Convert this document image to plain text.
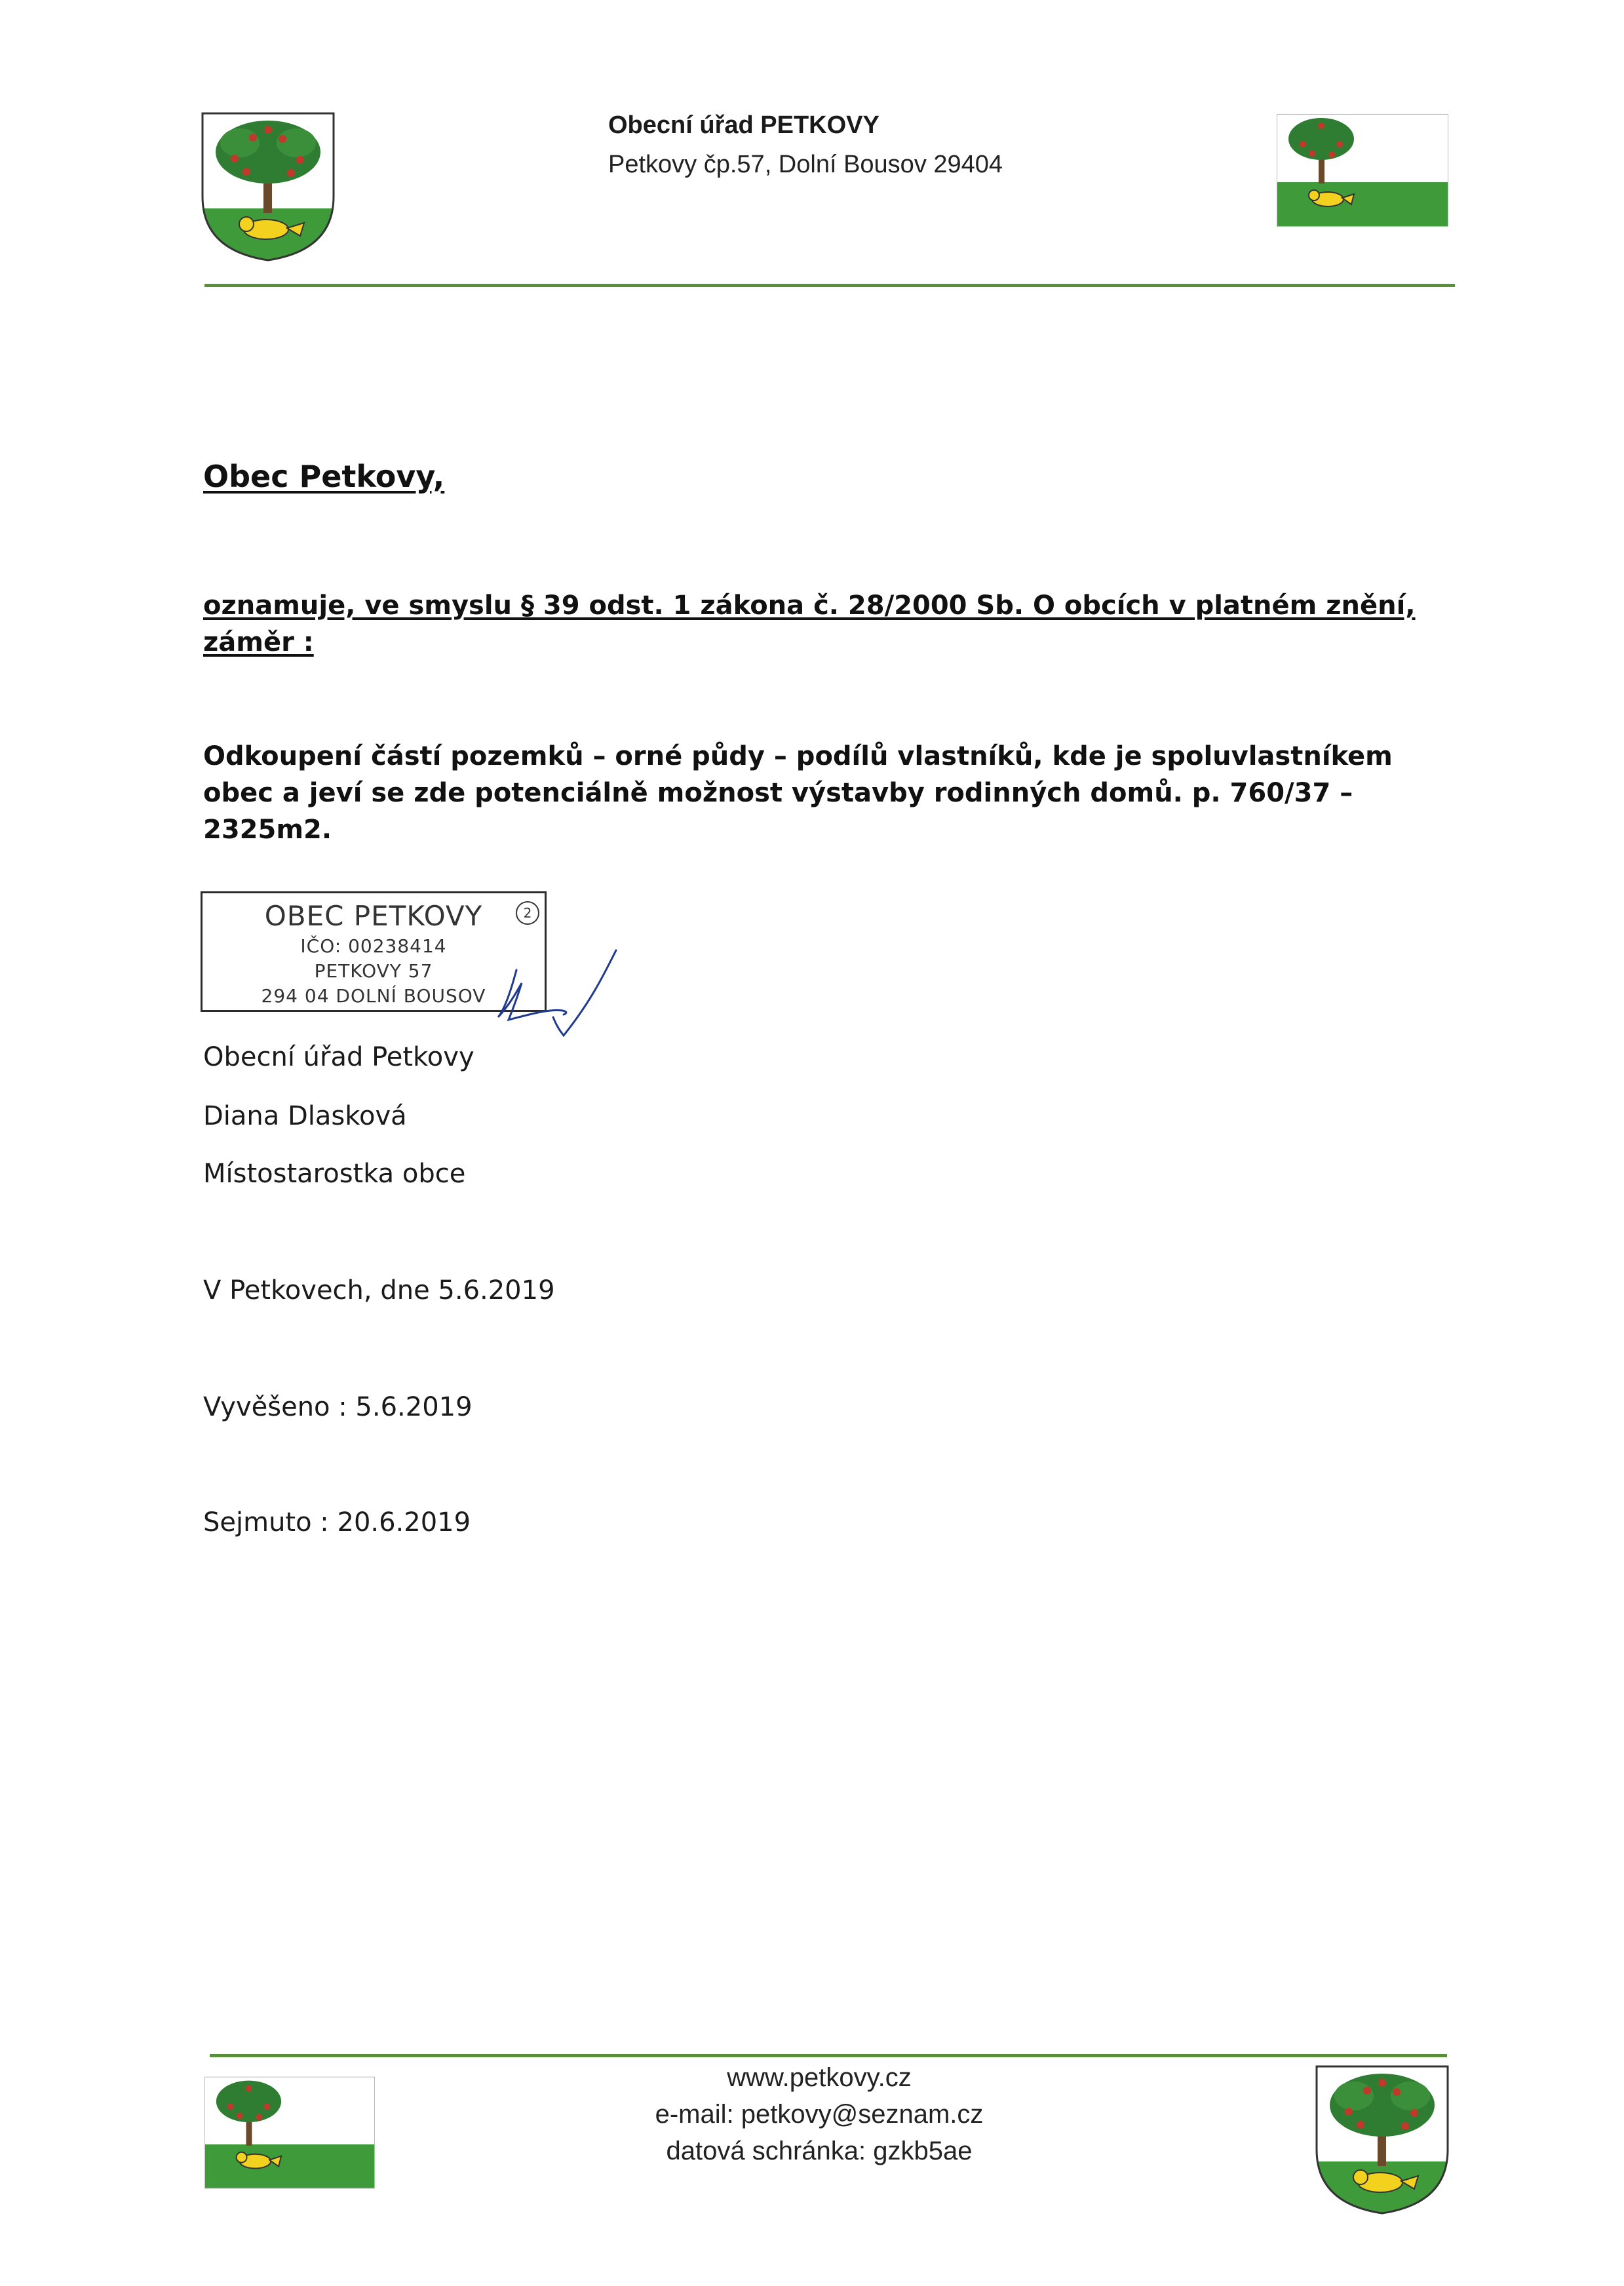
Obecní úřad PETKOVY
Petkovy čp.57, Dolní Bousov 29404
Obec Petkovy,
oznamuje, ve smyslu § 39 odst. 1 zákona č. 28/2000 Sb. O obcích v platném znění, záměr :
Odkoupení částí pozemků – orné půdy – podílů vlastníků, kde je spoluvlastníkem obec a jeví se zde potenciálně možnost výstavby rodinných domů. p. 760/37 – 2325m2.
OBEC PETKOVY	2
IČO: 00238414
PETKOVY 57
294 04 DOLNÍ BOUSOV
Obecní úřad Petkovy
Diana Dlasková
Místostarostka obce
V Petkovech, dne 5.6.2019
Vyvěšeno : 5.6.2019
Sejmuto : 20.6.2019
www.petkovy.cz
e-mail: petkovy@seznam.cz
datová schránka: gzkb5ae
